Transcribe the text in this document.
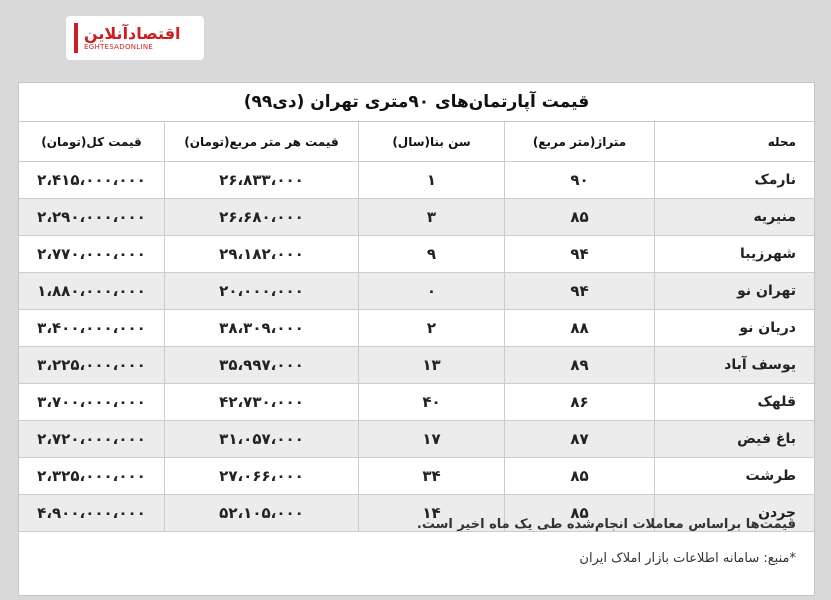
اقتصادآنلاین
EGHTESADONLINE
قیمت آپارتمان‌های ۹۰متری تهران (دی۹۹)
محله	متراژ(متر مربع)	سن بنا(سال)	قیمت هر متر مربع(تومان)	قیمت کل(تومان)
نارمک	۹۰	۱	۲۶،۸۳۳،۰۰۰	۲،۴۱۵،۰۰۰،۰۰۰
منیریه	۸۵	۳	۲۶،۶۸۰،۰۰۰	۲،۲۹۰،۰۰۰،۰۰۰
شهرزیبا	۹۴	۹	۲۹،۱۸۲،۰۰۰	۲،۷۷۰،۰۰۰،۰۰۰
تهران نو	۹۴	۰	۲۰،۰۰۰،۰۰۰	۱،۸۸۰،۰۰۰،۰۰۰
دریان نو	۸۸	۲	۳۸،۳۰۹،۰۰۰	۳،۴۰۰،۰۰۰،۰۰۰
یوسف آباد	۸۹	۱۳	۳۵،۹۹۷،۰۰۰	۳،۲۲۵،۰۰۰،۰۰۰
قلهک	۸۶	۴۰	۴۲،۷۳۰،۰۰۰	۳،۷۰۰،۰۰۰،۰۰۰
باغ فیض	۸۷	۱۷	۳۱،۰۵۷،۰۰۰	۲،۷۲۰،۰۰۰،۰۰۰
طرشت	۸۵	۳۴	۲۷،۰۶۶،۰۰۰	۲،۳۲۵،۰۰۰،۰۰۰
جردن	۸۵	۱۴	۵۲،۱۰۵،۰۰۰	۴،۹۰۰،۰۰۰،۰۰۰
قیمت‌ها براساس معاملات انجام‌شده طی یک ماه اخیر است.
*منبع: سامانه اطلاعات بازار املاک ایران
